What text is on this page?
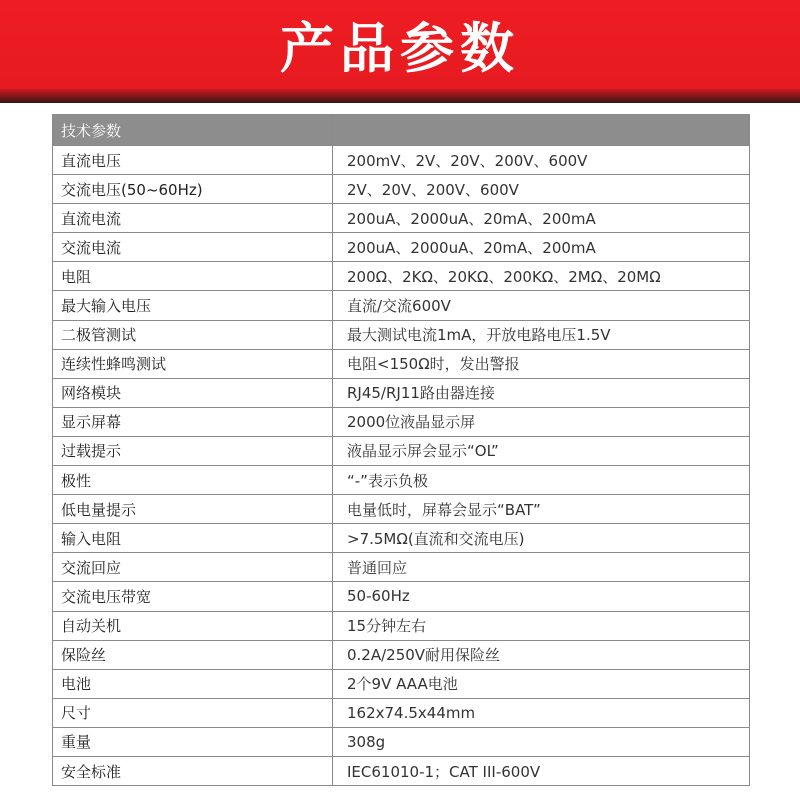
产品参数
技术参数	
直流电压	200mV、2V、20V、200V、600V
交流电压(50~60Hz)	2V、20V、200V、600V
直流电流	200uA、2000uA、20mA、200mA
交流电流	200uA、2000uA、20mA、200mA
电阻	200Ω、2KΩ、20KΩ、200KΩ、2MΩ、20MΩ
最大输入电压	直流/交流600V
二极管测试	最大测试电流1mA，开放电路电压1.5V
连续性蜂鸣测试	电阻<150Ω时，发出警报
网络模块	RJ45/RJ11路由器连接
显示屏幕	2000位液晶显示屏
过载提示	液晶显示屏会显示“OL”
极性	“-”表示负极
低电量提示	电量低时，屏幕会显示“BAT”
输入电阻	>7.5MΩ(直流和交流电压)
交流回应	普通回应
交流电压带宽	50-60Hz
自动关机	15分钟左右
保险丝	0.2A/250V耐用保险丝
电池	2个9V AAA电池
尺寸	162x74.5x44mm
重量	308g
安全标准	IEC61010-1；CAT III-600V
